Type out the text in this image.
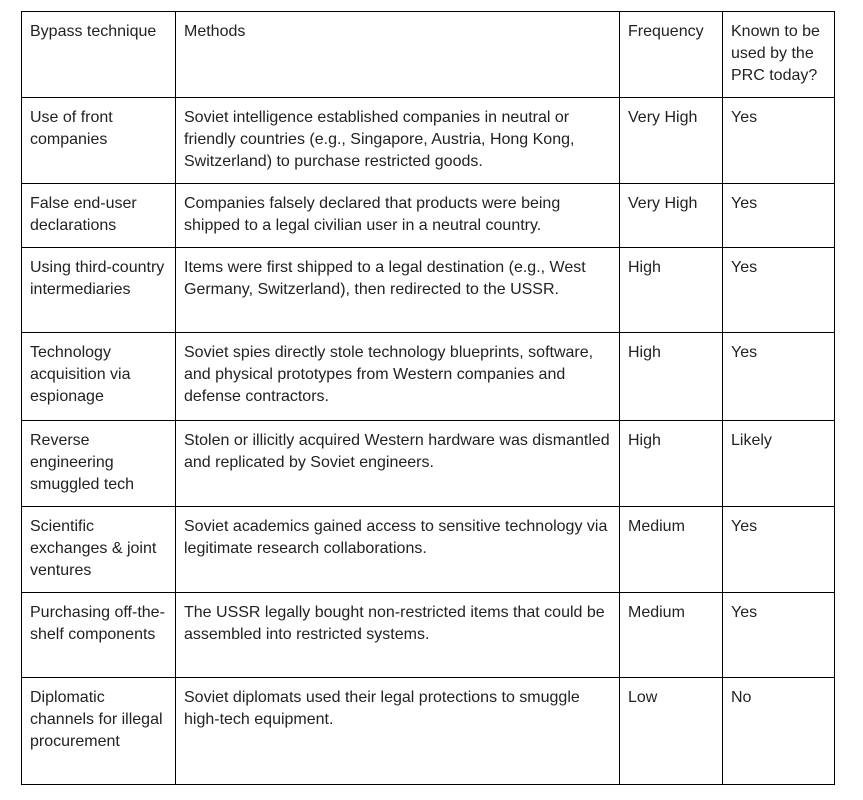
Bypass technique	Methods	Frequency	Known to be used by the PRC today?

Use of front companies	Soviet intelligence established companies in neutral or friendly countries (e.g., Singapore, Austria, Hong Kong, Switzerland) to purchase restricted goods.	Very High	Yes

False end-user declarations	Companies falsely declared that products were being shipped to a legal civilian user in a neutral country.	Very High	Yes

Using third-country intermediaries	Items were first shipped to a legal destination (e.g., West Germany, Switzerland), then redirected to the USSR.	High	Yes

Technology acquisition via espionage	Soviet spies directly stole technology blueprints, software, and physical prototypes from Western companies and defense contractors.	High	Yes

Reverse engineering smuggled tech	Stolen or illicitly acquired Western hardware was dismantled and replicated by Soviet engineers.	High	Likely

Scientific exchanges & joint ventures	Soviet academics gained access to sensitive technology via legitimate research collaborations.	Medium	Yes

Purchasing off-the-shelf components	The USSR legally bought non-restricted items that could be assembled into restricted systems.	Medium	Yes

Diplomatic channels for illegal procurement	Soviet diplomats used their legal protections to smuggle high-tech equipment.	Low	No
